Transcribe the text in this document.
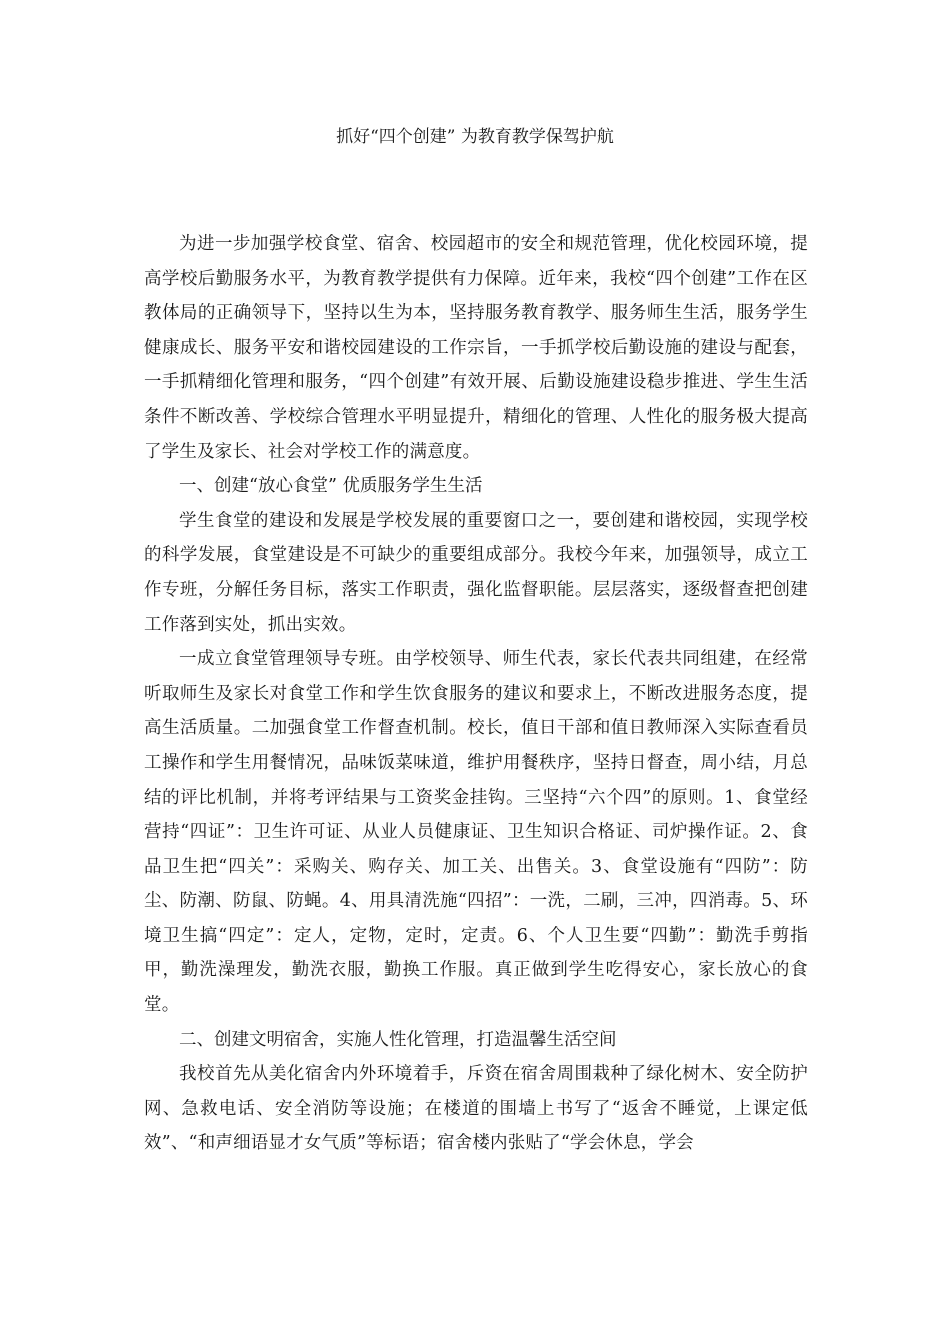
抓好“四个创建” 为教育教学保驾护航

为进一步加强学校食堂、宿舍、校园超市的安全和规范管理，优化校园环境，提高学校后勤服务水平，为教育教学提供有力保障。近年来，我校“四个创建”工作在区教体局的正确领导下，坚持以生为本，坚持服务教育教学、服务师生生活，服务学生健康成长、服务平安和谐校园建设的工作宗旨，一手抓学校后勤设施的建设与配套，一手抓精细化管理和服务，“四个创建”有效开展、后勤设施建设稳步推进、学生生活条件不断改善、学校综合管理水平明显提升，精细化的管理、人性化的服务极大提高了学生及家长、社会对学校工作的满意度。

一、创建“放心食堂” 优质服务学生生活

学生食堂的建设和发展是学校发展的重要窗口之一，要创建和谐校园，实现学校的科学发展，食堂建设是不可缺少的重要组成部分。我校今年来，加强领导，成立工作专班，分解任务目标，落实工作职责，强化监督职能。层层落实，逐级督查把创建工作落到实处，抓出实效。

一成立食堂管理领导专班。由学校领导、师生代表，家长代表共同组建，在经常听取师生及家长对食堂工作和学生饮食服务的建议和要求上，不断改进服务态度，提高生活质量。二加强食堂工作督查机制。校长，值日干部和值日教师深入实际查看员工操作和学生用餐情况，品味饭菜味道，维护用餐秩序，坚持日督查，周小结，月总结的评比机制，并将考评结果与工资奖金挂钩。三坚持“六个四”的原则。1、食堂经营持“四证”：卫生许可证、从业人员健康证、卫生知识合格证、司炉操作证。2、食品卫生把“四关”：采购关、购存关、加工关、出售关。3、食堂设施有“四防”：防尘、防潮、防鼠、防蝇。4、用具清洗施“四招”：一洗，二刷，三冲，四消毒。5、环境卫生搞“四定”：定人，定物，定时，定责。6、个人卫生要“四勤”：勤洗手剪指甲，勤洗澡理发，勤洗衣服，勤换工作服。真正做到学生吃得安心，家长放心的食堂。

二、创建文明宿舍，实施人性化管理，打造温馨生活空间

我校首先从美化宿舍内外环境着手，斥资在宿舍周围栽种了绿化树木、安全防护网、急救电话、安全消防等设施；在楼道的围墙上书写了“返舍不睡觉，上课定低效”、“和声细语显才女气质”等标语；宿舍楼内张贴了“学会休息，学会
